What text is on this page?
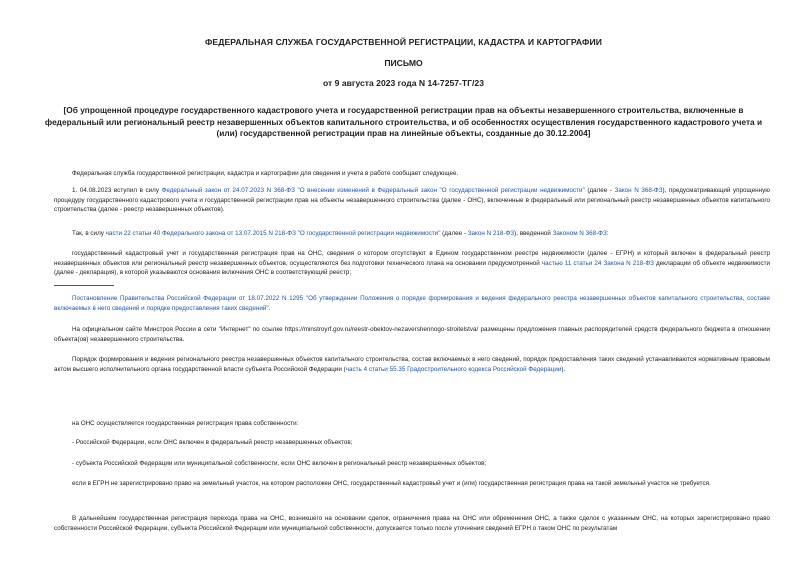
ФЕДЕРАЛЬНАЯ СЛУЖБА ГОСУДАРСТВЕННОЙ РЕГИСТРАЦИИ, КАДАСТРА И КАРТОГРАФИИ
ПИСЬМО
от 9 августа 2023 года N 14-7257-ТГ/23
[Об упрощенной процедуре государственного кадастрового учета и государственной регистрации прав на объекты незавершенного строительства, включенные в федеральный или региональный реестр незавершенных объектов капитального строительства, и об особенностях осуществления государственного кадастрового учета и (или) государственной регистрации прав на линейные объекты, созданные до 30.12.2004]
Федеральная служба государственной регистрации, кадастра и картографии для сведения и учета в работе сообщает следующее.
1. 04.08.2023 вступил в силу Федеральный закон от 24.07.2023 N 368-ФЗ "О внесении изменений в Федеральный закон "О государственной регистрации недвижимости" (далее - Закон N 368-ФЗ), предусматривающий упрощенную процедуру государственного кадастрового учета и государственной регистрации прав на объекты незавершенного строительства (далее - ОНС), включенные в федеральный или региональный реестр незавершенных объектов капитального строительства (далее - реестр незавершенных объектов).
Так, в силу части 22 статьи 40 Федерального закона от 13.07.2015 N 218-ФЗ "О государственной регистрации недвижимости" (далее - Закон N 218-ФЗ), введенной Законом N 368-ФЗ:
государственный кадастровый учет и государственная регистрация прав на ОНС, сведения о котором отсутствуют в Едином государственном реестре недвижимости (далее - ЕГРН) и который включен в федеральный реестр незавершенных объектов или региональный реестр незавершенных объектов, осуществляются без подготовки технического плана на основании предусмотренной частью 11 статьи 24 Закона N 218-ФЗ декларации об объекте недвижимости (далее - декларация), в которой указываются основания включения ОНС в соответствующий реестр;
Постановление Правительства Российской Федерации от 18.07.2022 N 1295 "Об утверждении Положения о порядке формирования и ведения федерального реестра незавершенных объектов капитального строительства, составе включаемых в него сведений и порядке предоставления таких сведений".
На официальном сайте Минстроя России в сети "Интернет" по ссылке https://minstroyrf.gov.ru/reestr-obektov-nezavershennogo-stroitelstva/ размещены предложения главных распорядителей средств федерального бюджета в отношении объекта(ов) незавершенного строительства.
Порядок формирования и ведения регионального реестра незавершенных объектов капитального строительства, состав включаемых в него сведений, порядок предоставления таких сведений устанавливаются нормативным правовым актом высшего исполнительного органа государственной власти субъекта Российской Федерации (часть 4 статьи 55.35 Градостроительного кодекса Российской Федерации).
на ОНС осуществляется государственная регистрация права собственности:
- Российской Федерации, если ОНС включен в федеральный реестр незавершенных объектов;
- субъекта Российской Федерации или муниципальной собственности, если ОНС включен в региональный реестр незавершенных объектов;
если в ЕГРН не зарегистрировано право на земельный участок, на котором расположен ОНС, государственный кадастровый учет и (или) государственная регистрация права на такой земельный участок не требуется.
В дальнейшем государственная регистрация перехода права на ОНС, возникшего на основании сделок, ограничения права на ОНС или обременения ОНС, а также сделок с указанным ОНС, на которых зарегистрировано право собственности Российской Федерации, субъекта Российской Федерации или муниципальной собственности, допускается только после уточнения сведений ЕГРН о таком ОНС по результатам
